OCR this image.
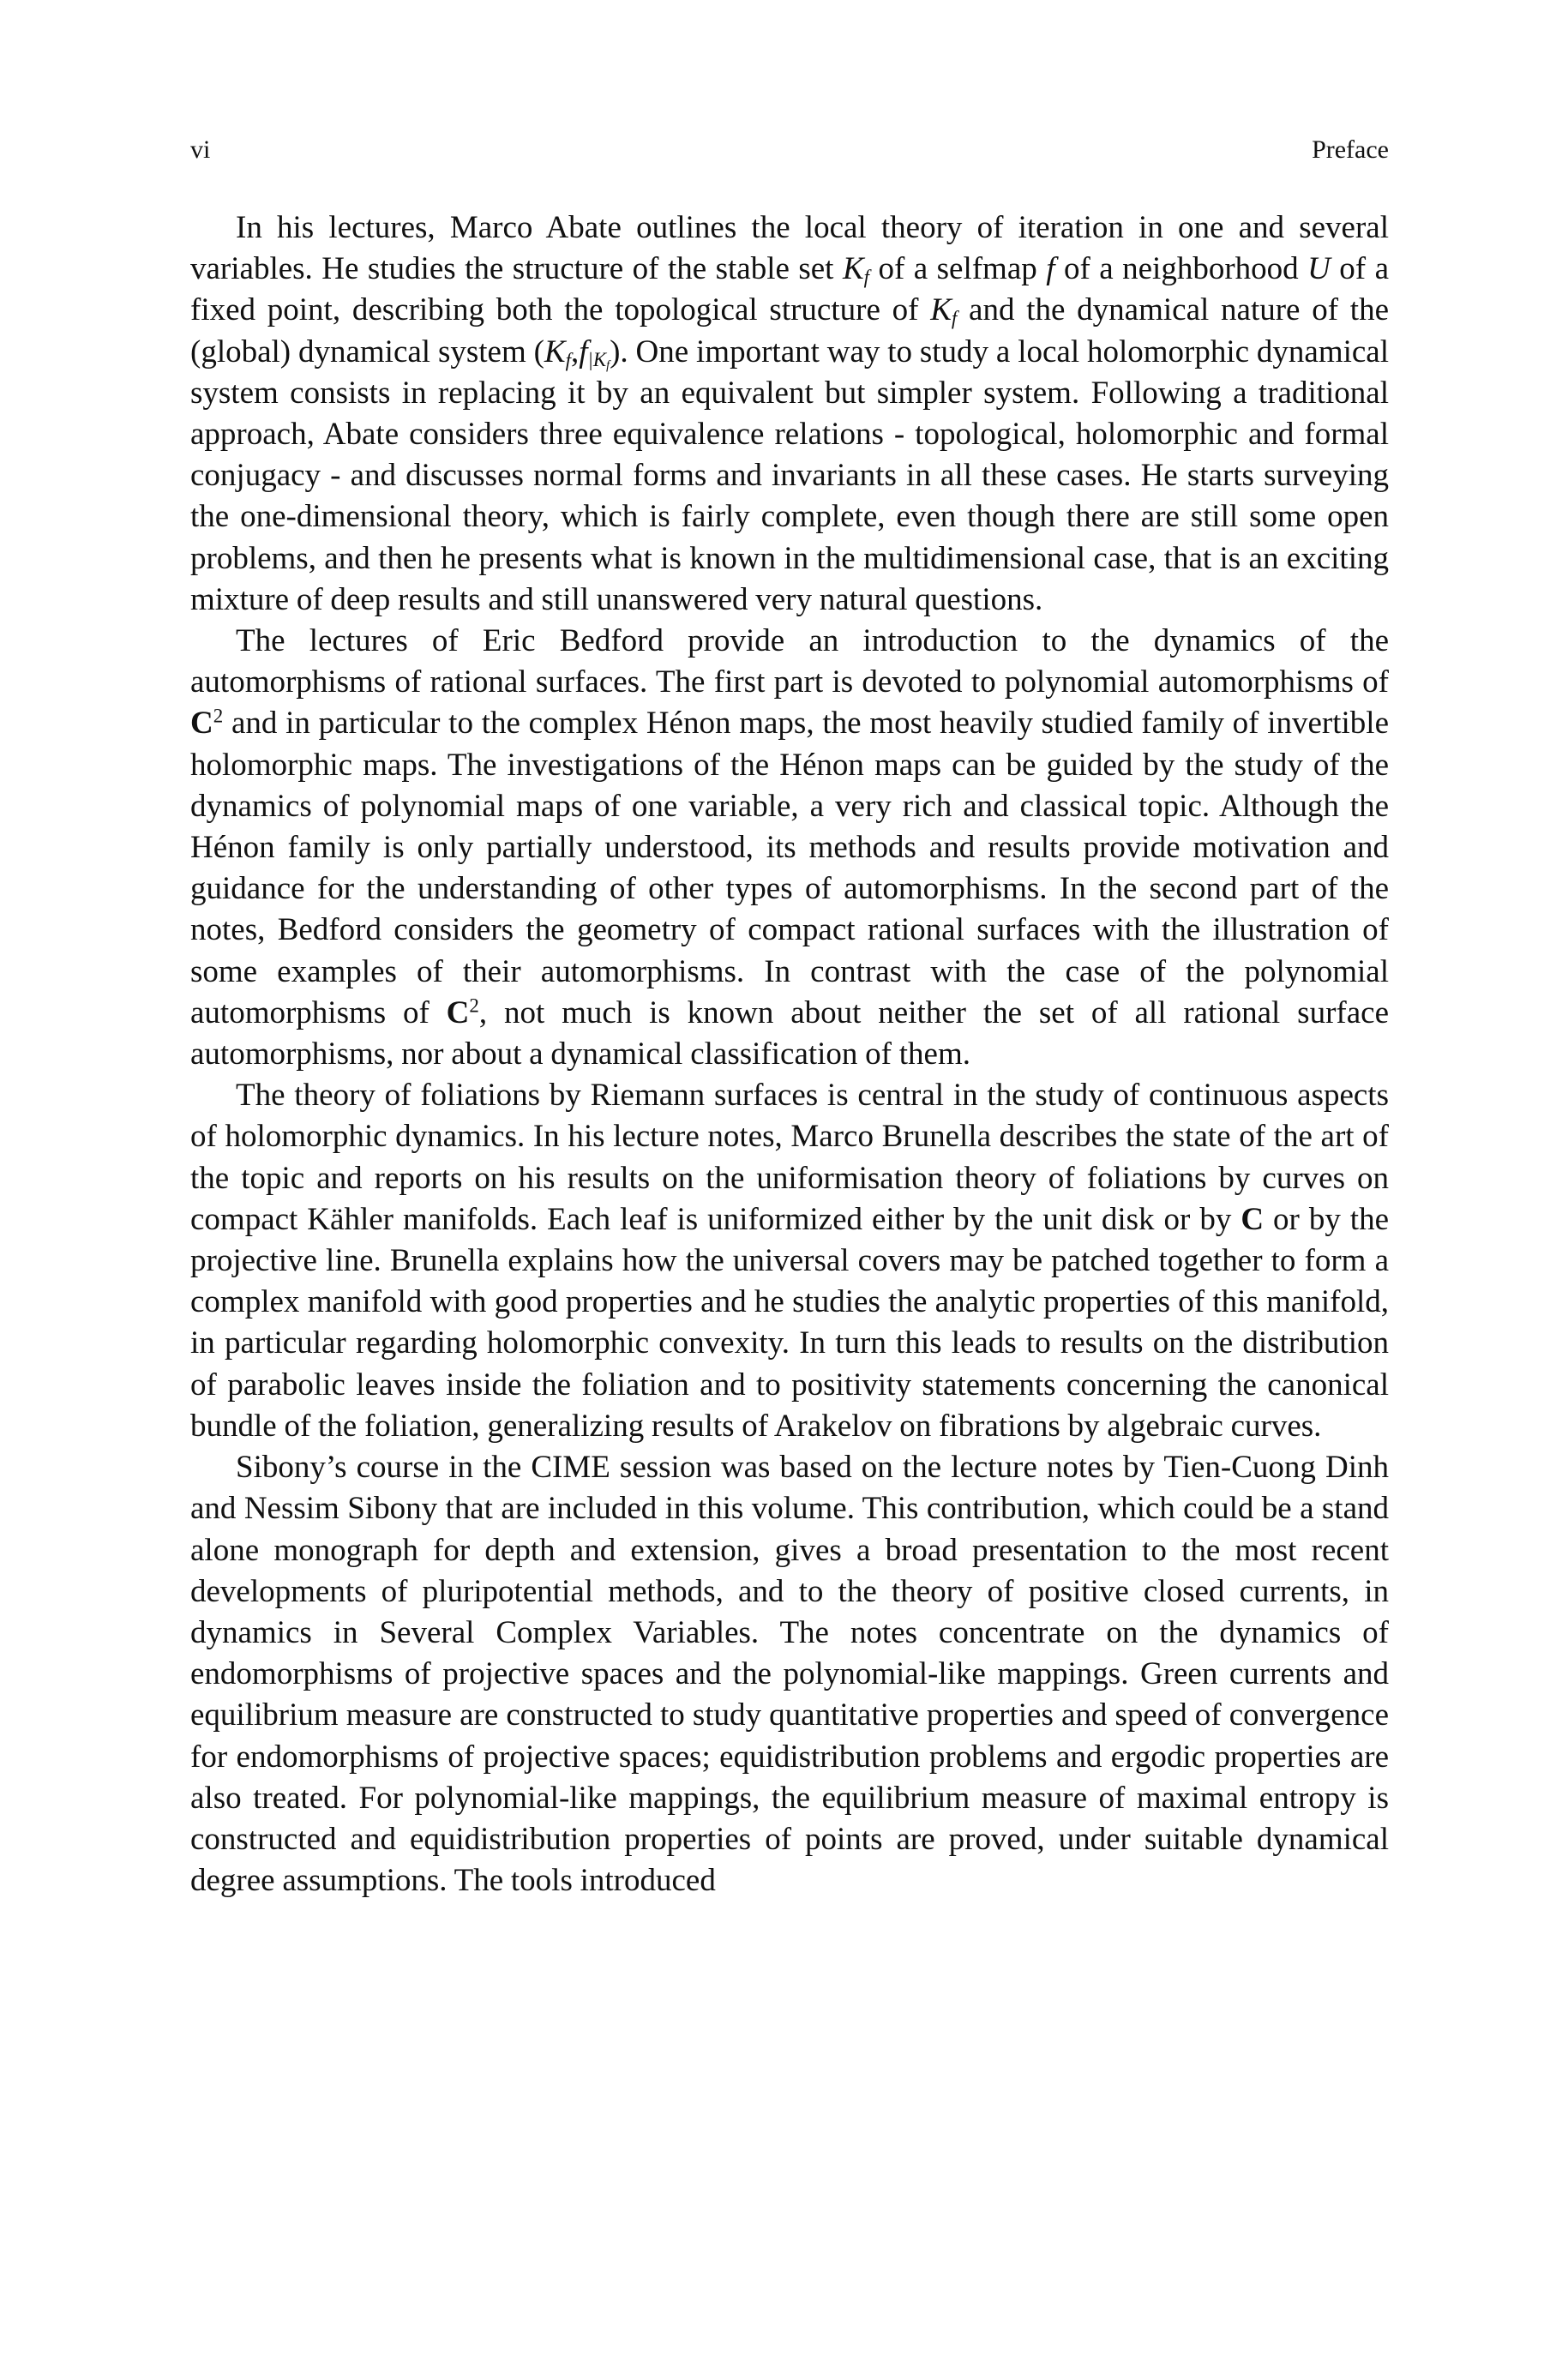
vi	Preface

In his lectures, Marco Abate outlines the local theory of iteration in one and several variables. He studies the structure of the stable set $K_f$ of a selfmap f of a neighborhood U of a fixed point, describing both the topological structure of $K_f$ and the dynamical nature of the (global) dynamical system $(K_f,f_{|K_f})$. One important way to study a local holomorphic dynamical system consists in replacing it by an equivalent but simpler system. Following a traditional approach, Abate considers three equivalence relations - topological, holomorphic and formal conjugacy - and discusses normal forms and invariants in all these cases. He starts surveying the one-dimensional theory, which is fairly complete, even though there are still some open problems, and then he presents what is known in the multidimensional case, that is an exciting mixture of deep results and still unanswered very natural questions.

The lectures of Eric Bedford provide an introduction to the dynamics of the automorphisms of rational surfaces. The first part is devoted to polynomial automorphisms of $C^2$ and in particular to the complex Hénon maps, the most heavily studied family of invertible holomorphic maps. The investigations of the Hénon maps can be guided by the study of the dynamics of polynomial maps of one variable, a very rich and classical topic. Although the Hénon family is only partially understood, its methods and results provide motivation and guidance for the understanding of other types of automorphisms. In the second part of the notes, Bedford considers the geometry of compact rational surfaces with the illustration of some examples of their automorphisms. In contrast with the case of the polynomial automorphisms of $C^2$, not much is known about neither the set of all rational surface automorphisms, nor about a dynamical classification of them.

The theory of foliations by Riemann surfaces is central in the study of continuous aspects of holomorphic dynamics. In his lecture notes, Marco Brunella describes the state of the art of the topic and reports on his results on the uniformisation theory of foliations by curves on compact Kähler manifolds. Each leaf is uniformized either by the unit disk or by C or by the projective line. Brunella explains how the universal covers may be patched together to form a complex manifold with good properties and he studies the analytic properties of this manifold, in particular regarding holomorphic convexity. In turn this leads to results on the distribution of parabolic leaves inside the foliation and to positivity statements concerning the canonical bundle of the foliation, generalizing results of Arakelov on fibrations by algebraic curves.

Sibony’s course in the CIME session was based on the lecture notes by Tien-Cuong Dinh and Nessim Sibony that are included in this volume. This contribution, which could be a stand alone monograph for depth and extension, gives a broad presentation to the most recent developments of pluripotential methods, and to the theory of positive closed currents, in dynamics in Several Complex Variables. The notes concentrate on the dynamics of endomorphisms of projective spaces and the polynomial-like mappings. Green currents and equilibrium measure are constructed to study quantitative properties and speed of convergence for endomorphisms of projective spaces; equidistribution problems and ergodic properties are also treated. For polynomial-like mappings, the equilibrium measure of maximal entropy is constructed and equidistribution properties of points are proved, under suitable dynamical degree assumptions. The tools introduced
